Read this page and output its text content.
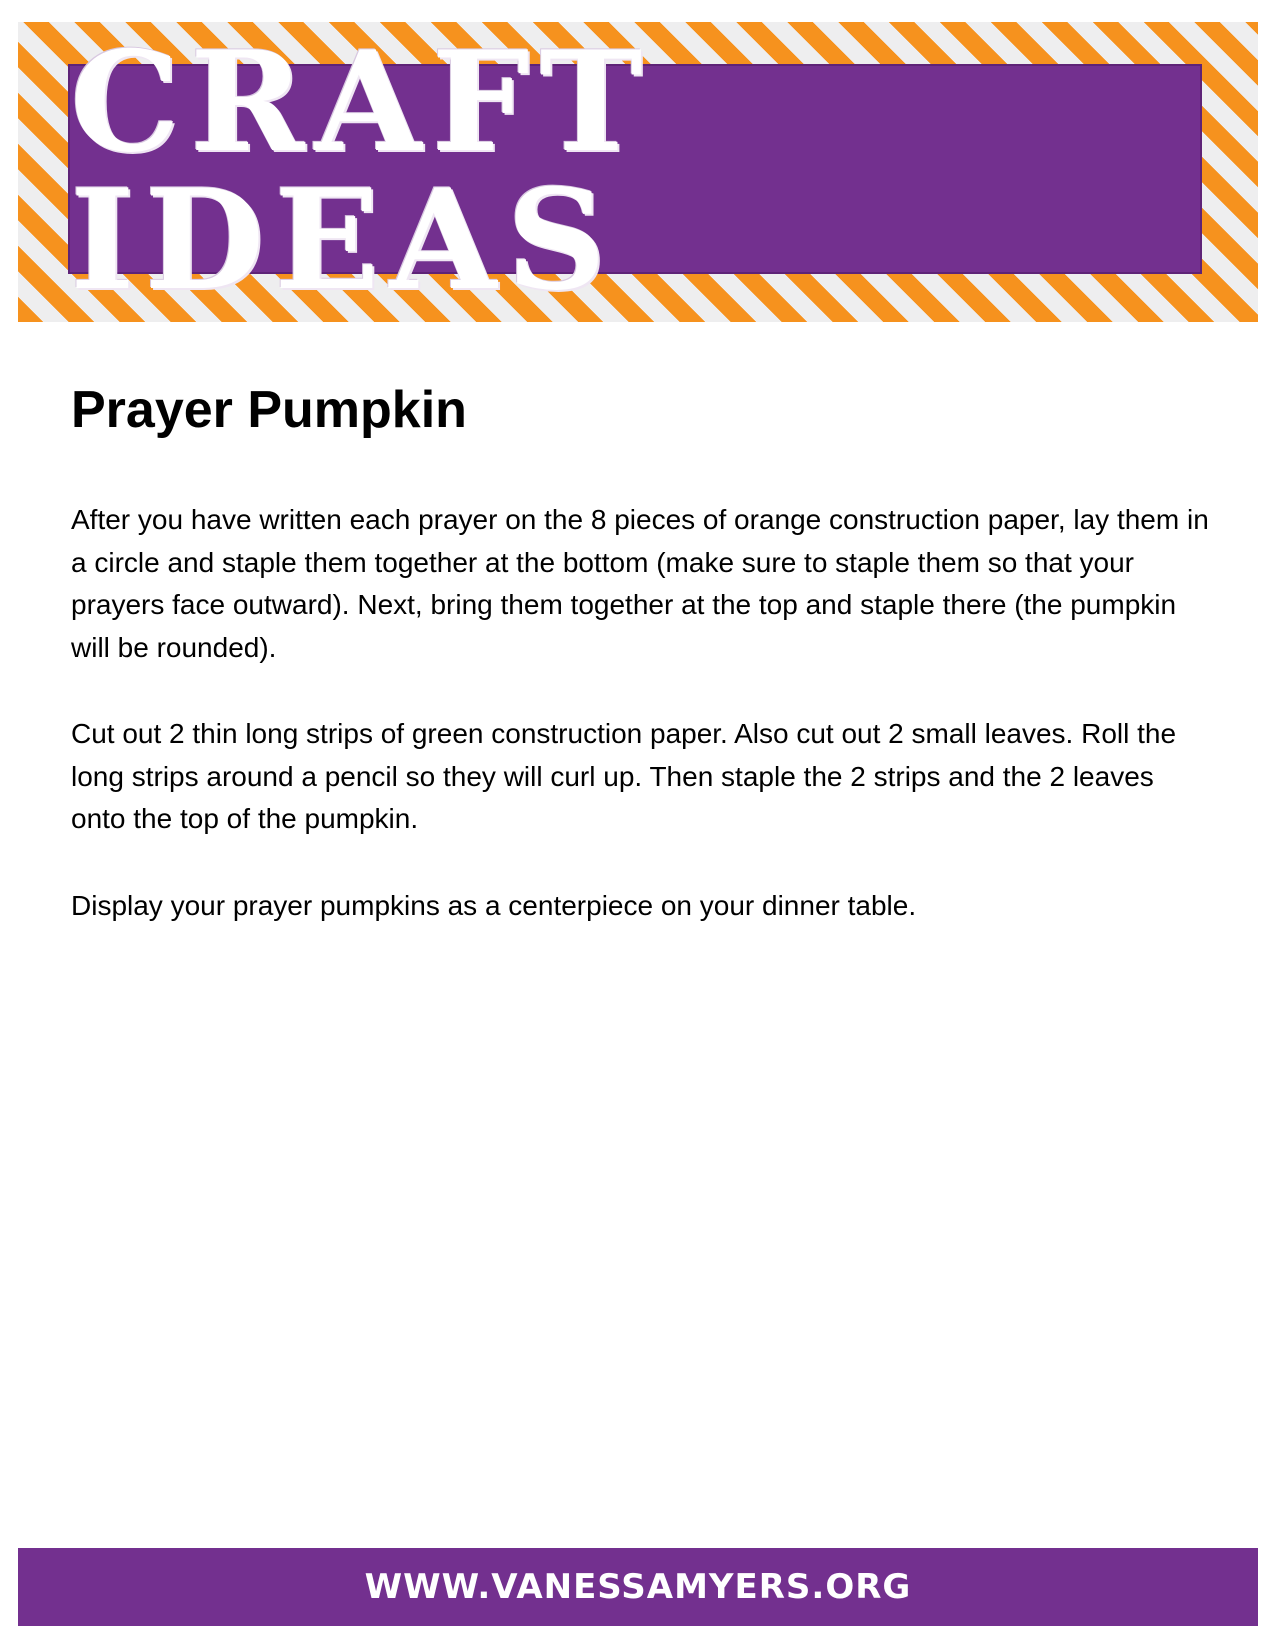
CRAFT IDEAS
Prayer Pumpkin

After you have written each prayer on the 8 pieces of orange construction paper, lay them in a circle and staple them together at the bottom (make sure to staple them so that your prayers face outward). Next, bring them together at the top and staple there (the pumpkin will be rounded).

Cut out 2 thin long strips of green construction paper. Also cut out 2 small leaves. Roll the long strips around a pencil so they will curl up. Then staple the 2 strips and the 2 leaves onto the top of the pumpkin.

Display your prayer pumpkins as a centerpiece on your dinner table.

WWW.VANESSAMYERS.ORG
